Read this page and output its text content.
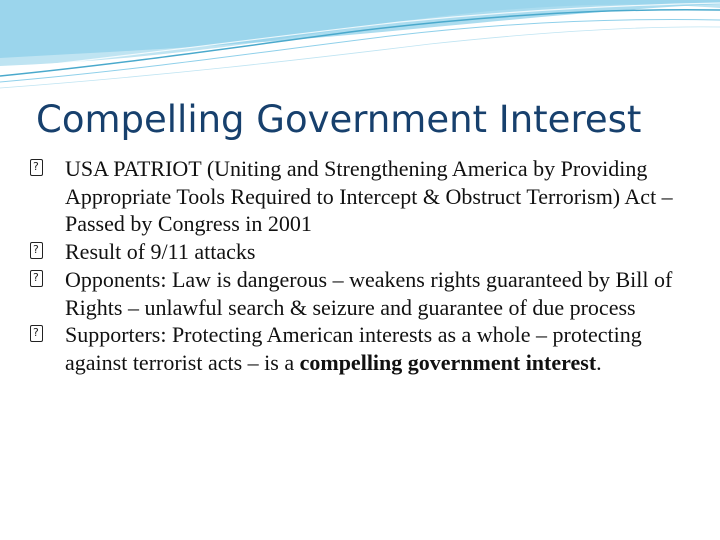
Compelling Government Interest
?
USA PATRIOT (Uniting and Strengthening America by Providing Appropriate Tools Required to Intercept & Obstruct Terrorism) Act – Passed by Congress in 2001
?
Result of 9/11 attacks
?
Opponents: Law is dangerous – weakens rights guaranteed by Bill of Rights – unlawful search & seizure and guarantee of due process
?
Supporters: Protecting American interests as a whole – protecting against terrorist acts – is a compelling government interest.
